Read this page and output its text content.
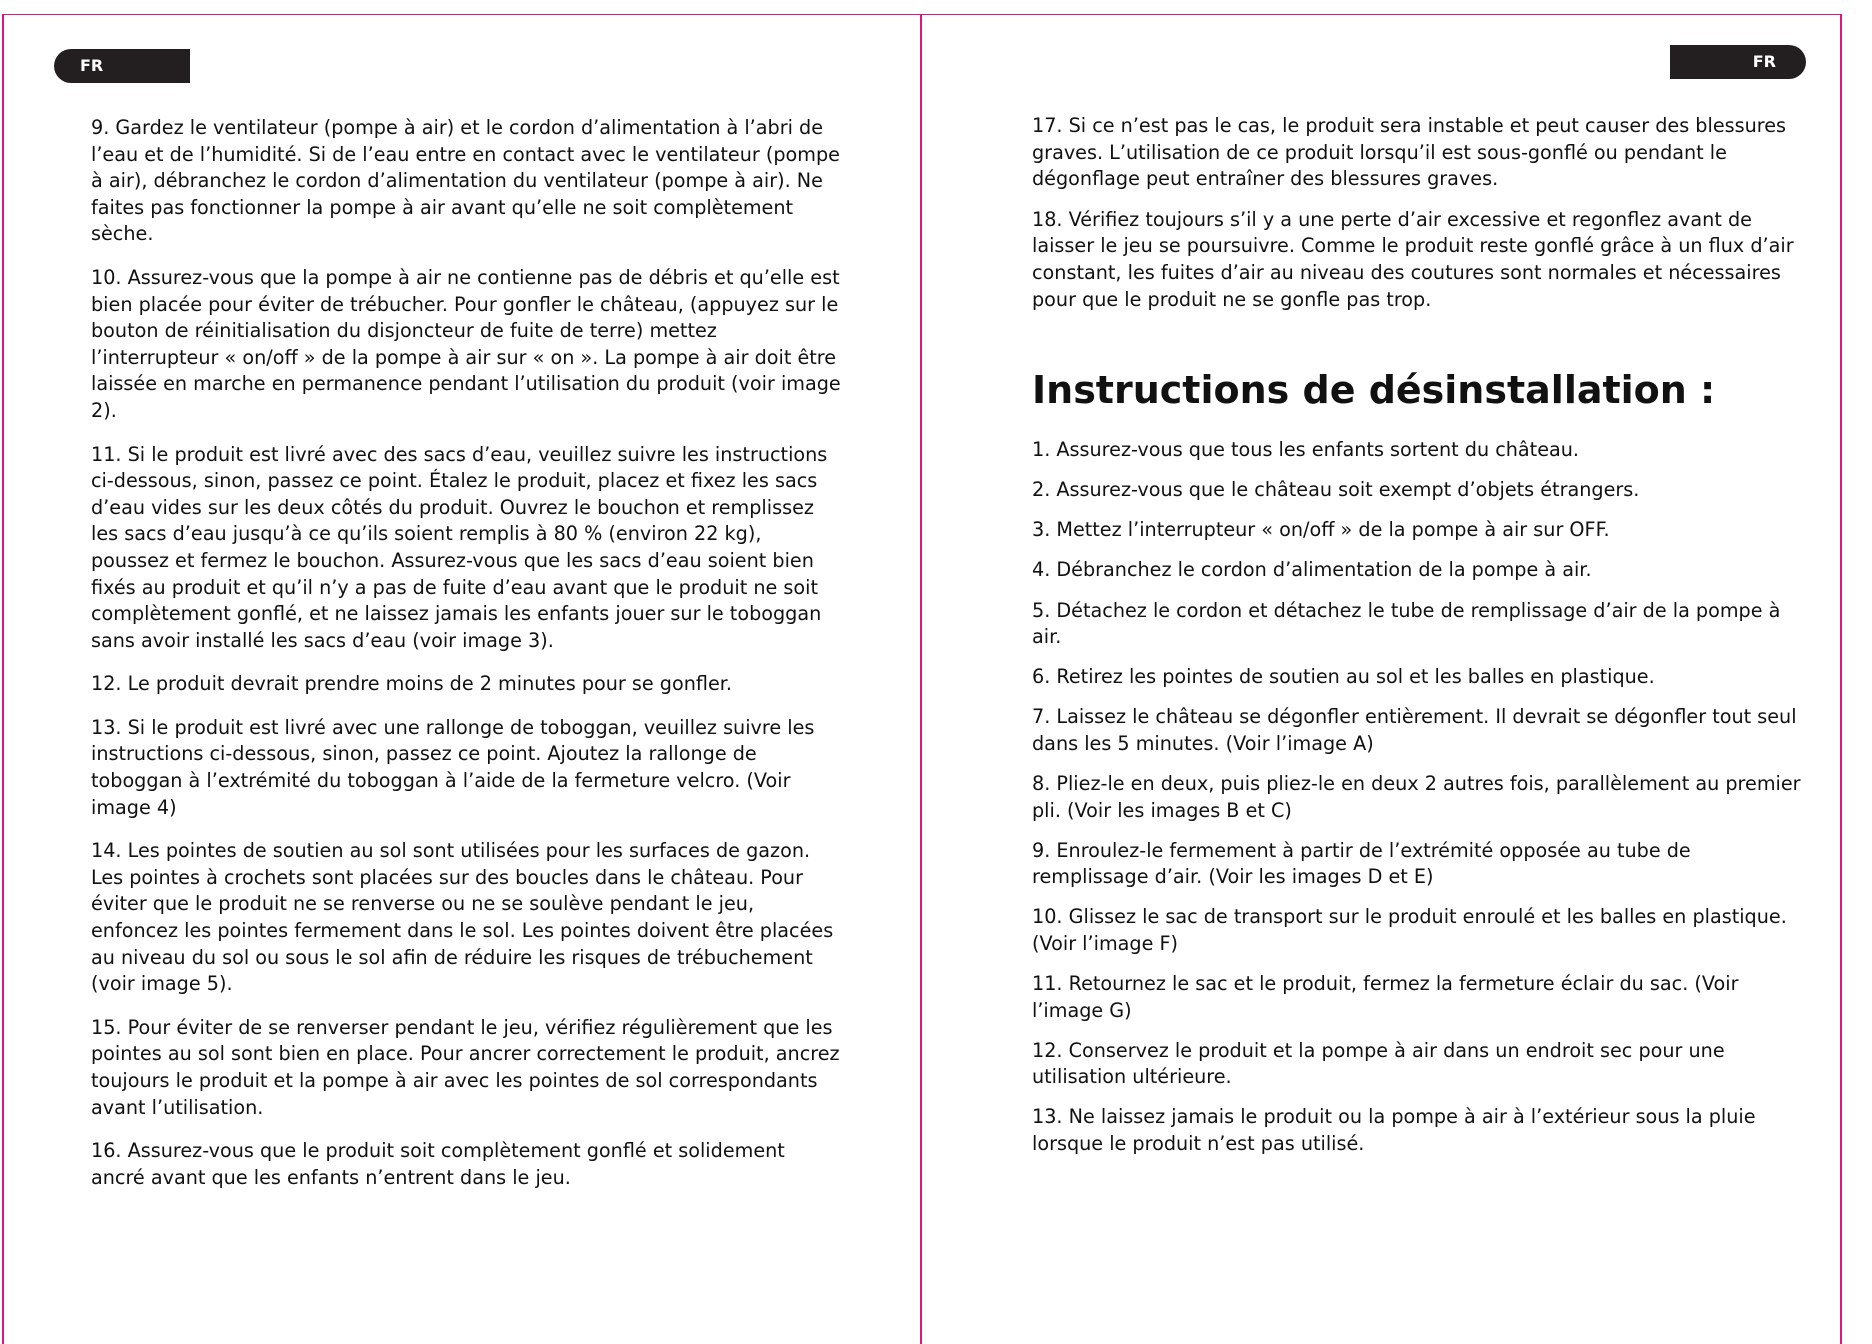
FR	FR

9. Gardez le ventilateur (pompe à air) et le cordon d’alimentation à l’abri de l’eau et de l’humidité. Si de l’eau entre en contact avec le ventilateur (pompe à air), débranchez le cordon d’alimentation du ventilateur (pompe à air). Ne faites pas fonctionner la pompe à air avant qu’elle ne soit complètement sèche.

10. Assurez-vous que la pompe à air ne contienne pas de débris et qu’elle est bien placée pour éviter de trébucher. Pour gonfler le château, (appuyez sur le bouton de réinitialisation du disjoncteur de fuite de terre) mettez l’interrupteur « on/off » de la pompe à air sur « on ». La pompe à air doit être laissée en marche en permanence pendant l’utilisation du produit (voir image 2).

11. Si le produit est livré avec des sacs d’eau, veuillez suivre les instructions ci-dessous, sinon, passez ce point. Étalez le produit, placez et fixez les sacs d’eau vides sur les deux côtés du produit. Ouvrez le bouchon et remplissez les sacs d’eau jusqu’à ce qu’ils soient remplis à 80 % (environ 22 kg), poussez et fermez le bouchon. Assurez-vous que les sacs d’eau soient bien fixés au produit et qu’il n’y a pas de fuite d’eau avant que le produit ne soit complètement gonflé, et ne laissez jamais les enfants jouer sur le toboggan sans avoir installé les sacs d’eau (voir image 3).

12. Le produit devrait prendre moins de 2 minutes pour se gonfler.

13. Si le produit est livré avec une rallonge de toboggan, veuillez suivre les instructions ci-dessous, sinon, passez ce point. Ajoutez la rallonge de toboggan à l’extrémité du toboggan à l’aide de la fermeture velcro. (Voir image 4)

14. Les pointes de soutien au sol sont utilisées pour les surfaces de gazon. Les pointes à crochets sont placées sur des boucles dans le château. Pour éviter que le produit ne se renverse ou ne se soulève pendant le jeu, enfoncez les pointes fermement dans le sol. Les pointes doivent être placées au niveau du sol ou sous le sol afin de réduire les risques de trébuchement (voir image 5).

15. Pour éviter de se renverser pendant le jeu, vérifiez régulièrement que les pointes au sol sont bien en place. Pour ancrer correctement le produit, ancrez toujours le produit et la pompe à air avec les pointes de sol correspondants avant l’utilisation.

16. Assurez-vous que le produit soit complètement gonflé et solidement ancré avant que les enfants n’entrent dans le jeu.

17. Si ce n’est pas le cas, le produit sera instable et peut causer des blessures graves. L’utilisation de ce produit lorsqu’il est sous-gonflé ou pendant le dégonflage peut entraîner des blessures graves.

18. Vérifiez toujours s’il y a une perte d’air excessive et regonflez avant de laisser le jeu se poursuivre. Comme le produit reste gonflé grâce à un flux d’air constant, les fuites d’air au niveau des coutures sont normales et nécessaires pour que le produit ne se gonfle pas trop.

Instructions de désinstallation :

1. Assurez-vous que tous les enfants sortent du château.

2. Assurez-vous que le château soit exempt d’objets étrangers.

3. Mettez l’interrupteur « on/off » de la pompe à air sur OFF.

4. Débranchez le cordon d’alimentation de la pompe à air.

5. Détachez le cordon et détachez le tube de remplissage d’air de la pompe à air.

6. Retirez les pointes de soutien au sol et les balles en plastique.

7. Laissez le château se dégonfler entièrement. Il devrait se dégonfler tout seul dans les 5 minutes. (Voir l’image A)

8. Pliez-le en deux, puis pliez-le en deux 2 autres fois, parallèlement au premier pli. (Voir les images B et C)

9. Enroulez-le fermement à partir de l’extrémité opposée au tube de remplissage d’air. (Voir les images D et E)

10. Glissez le sac de transport sur le produit enroulé et les balles en plastique. (Voir l’image F)

11. Retournez le sac et le produit, fermez la fermeture éclair du sac. (Voir l’image G)

12. Conservez le produit et la pompe à air dans un endroit sec pour une utilisation ultérieure.

13. Ne laissez jamais le produit ou la pompe à air à l’extérieur sous la pluie lorsque le produit n’est pas utilisé.
